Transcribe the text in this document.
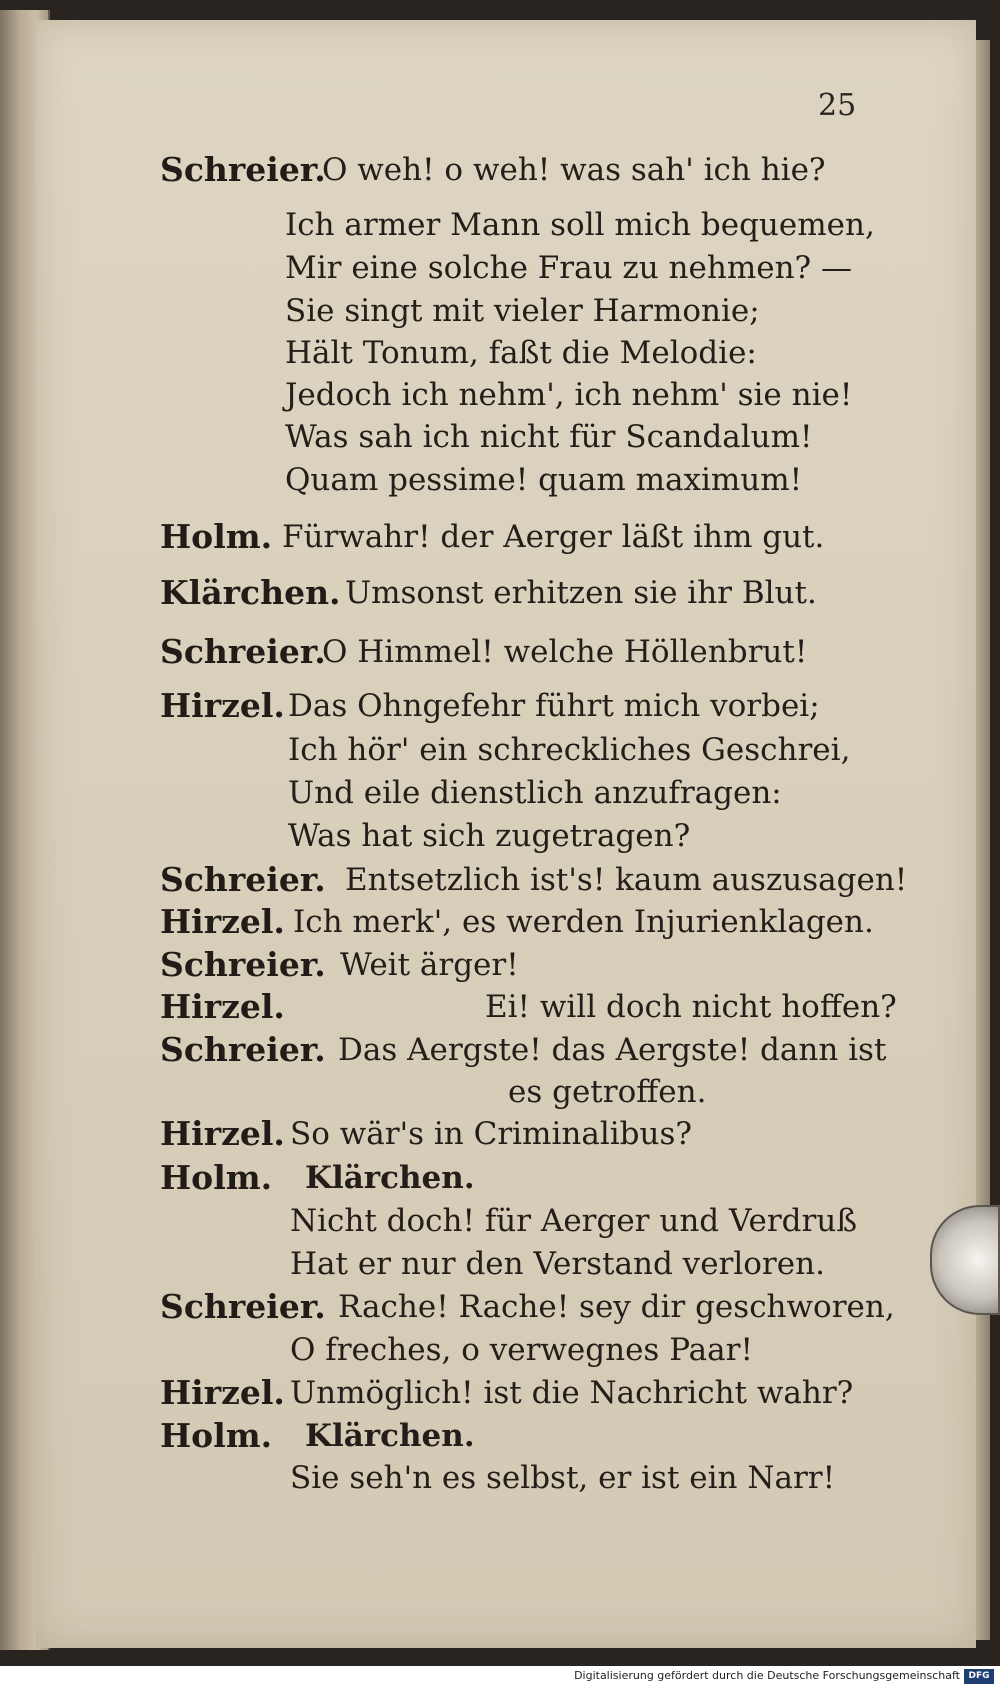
25
Schreier.
O weh! o weh! was sah' ich hie?
Ich armer Mann soll mich bequemen,
Mir eine solche Frau zu nehmen? —
Sie singt mit vieler Harmonie;
Hält Tonum, faßt die Melodie:
Jedoch ich nehm', ich nehm' sie nie!
Was sah ich nicht für Scandalum!
Quam pessime! quam maximum!
Holm. Fürwahr! der Aerger läßt ihm gut.
Klärchen. Umsonst erhitzen sie ihr Blut.
Schreier.
O Himmel! welche Höllenbrut!
Hirzel. Das Ohngefehr führt mich vorbei;
Ich hör' ein schreckliches Geschrei,
Und eile dienstlich anzufragen:
Was hat sich zugetragen?
Schreier. Entsetzlich ist's! kaum auszusagen!
Hirzel. Ich merk', es werden Injurienklagen.
Schreier. Weit ärger!
Hirzel.	Ei! will doch nicht hoffen?
Schreier. Das Aergste! das Aergste! dann ist
es getroffen.
Hirzel. So wär's in Criminalibus?
Holm. Klärchen.
Nicht doch! für Aerger und Verdruß
Hat er nur den Verstand verloren.
Schreier. Rache! Rache! sey dir geschworen,
O freches, o verwegnes Paar!
Hirzel. Unmöglich! ist die Nachricht wahr?
Holm. Klärchen.
Sie seh'n es selbst, er ist ein Narr!
Digitalisierung gefördert durch die Deutsche Forschungsgemeinschaft DFG
